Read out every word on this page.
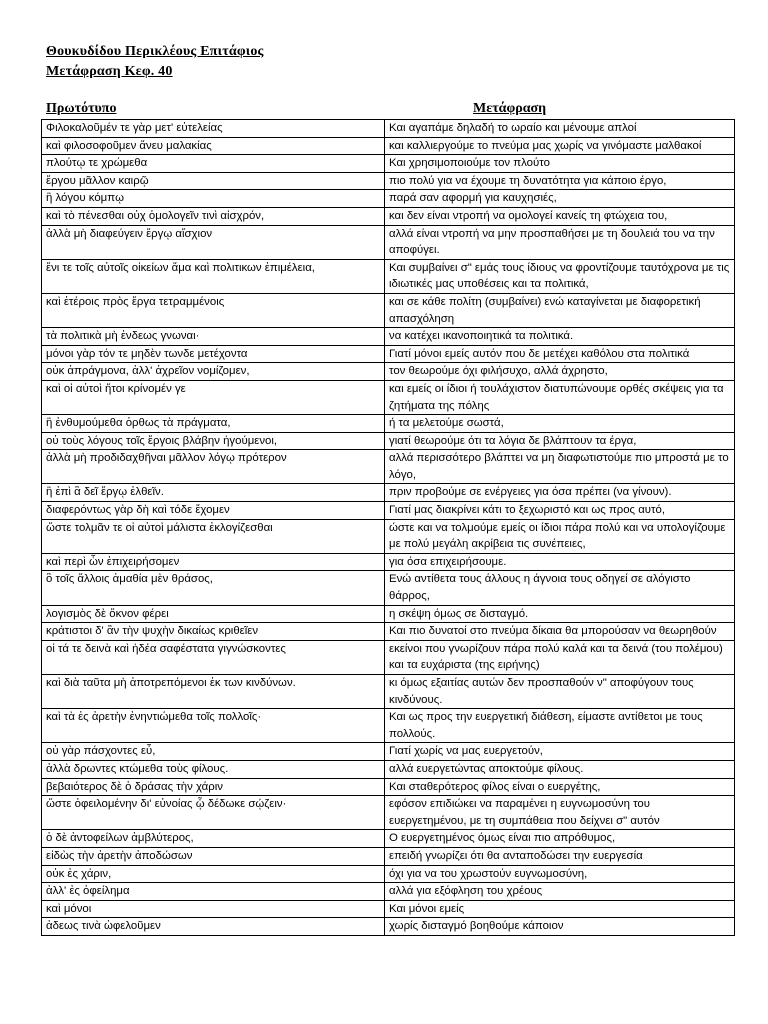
Θουκυδίδου Περικλέους Επιτάφιος
Μετάφραση Κεφ. 40
Πρωτότυπο	Μετάφραση
Φιλοκαλοῦμέν τε γὰρ μετ' εὐτελείας	Και αγαπάμε δηλαδή το ωραίο και μένουμε απλοί
καὶ φιλοσοφοῦμεν ἄνευ μαλακίας	και καλλιεργούμε το πνεύμα μας χωρίς να γινόμαστε μαλθακοί
πλούτῳ τε χρώμεθα	Και χρησιμοποιούμε τον πλούτο
ἔργου μᾶλλον καιρῷ	πιο πολύ για να έχουμε τη δυνατότητα για κάποιο έργο,
ἢ λόγου κόμπῳ	παρά σαν αφορμή για καυχησιές,
καὶ τὸ πένεσθαι οὐχ ὁμολογεῖν τινὶ αἰσχρόν,	και δεν είναι ντροπή να ομολογεί κανείς τη φτώχεια του,
ἀλλὰ μὴ διαφεύγειν ἔργῳ αἴσχιον	αλλά είναι ντροπή να μην προσπαθήσει με τη δουλειά του να την αποφύγει.
ἔνι τε τοῖς αὐτοῖς οἰκείων ἅμα καὶ πολιτικων ἐπιμέλεια,	Και συμβαίνει σ" εμάς τους ίδιους να φροντίζουμε ταυτόχρονα με τις ιδιωτικές μας υποθέσεις και τα πολιτικά,
καὶ ἑτέροις πρὸς ἔργα τετραμμένοις	και σε κάθε πολίτη (συμβαίνει) ενώ καταγίνεται με διαφορετική απασχόληση
τὰ πολιτικὰ μὴ ἐνδεως γνωναι·	να κατέχει ικανοποιητικά τα πολιτικά.
μόνοι γὰρ τόν τε μηδὲν τωνδε μετέχοντα	Γιατί μόνοι εμείς αυτόν που δε μετέχει καθόλου στα πολιτικά
οὐκ ἀπράγμονα, ἀλλ' ἀχρεῖον νομίζομεν,	τον θεωρούμε όχι φιλήσυχο, αλλά άχρηστο,
καὶ οἱ αὐτοὶ ἤτοι κρίνομέν γε	και εμείς οι ίδιοι ή τουλάχιστον διατυπώνουμε ορθές σκέψεις για τα ζητήματα της πόλης
ἢ ἐνθυμούμεθα ὀρθως τὰ πράγματα,	ή τα μελετούμε σωστά,
οὐ τοὺς λόγους τοῖς ἔργοις βλάβην ἡγούμενοι,	γιατί θεωρούμε ότι τα λόγια δε βλάπτουν τα έργα,
ἀλλὰ μὴ προδιδαχθῆναι μᾶλλον λόγῳ πρότερον	αλλά περισσότερο βλάπτει να μη διαφωτιστούμε πιο μπροστά με το λόγο,
ἢ ἐπὶ ἃ δεῖ ἔργῳ ἐλθεῖν.	πριν προβούμε σε ενέργειες για όσα πρέπει (να γίνουν).
διαφερόντως γὰρ δὴ καὶ τόδε ἔχομεν	Γιατί μας διακρίνει κάτι το ξεχωριστό και ως προς αυτό,
ὥστε τολμᾶν τε οἱ αὐτοὶ μάλιστα ἐκλογίζεσθαι	ώστε και να τολμούμε εμείς οι ίδιοι πάρα πολύ και να υπολογίζουμε με πολύ μεγάλη ακρίβεια τις συνέπειες,
καὶ περὶ ὧν ἐπιχειρήσομεν	για όσα επιχειρήσουμε.
ὃ τοῖς ἄλλοις ἀμαθία μὲν θράσος,	Ενώ αντίθετα τους άλλους η άγνοια τους οδηγεί σε αλόγιστο θάρρος,
λογισμὸς δὲ ὄκνον φέρει	η σκέψη όμως σε δισταγμό.
κράτιστοι δ' ἂν τὴν ψυχὴν δικαίως κριθεῖεν	Και πιο δυνατοί στο πνεύμα δίκαια θα μπορούσαν να θεωρηθούν
οἱ τά τε δεινὰ καὶ ἡδέα σαφέστατα γιγνώσκοντες	εκείνοι που γνωρίζουν πάρα πολύ καλά και τα δεινά (του πολέμου) και τα ευχάριστα (της ειρήνης)
καὶ διὰ ταῦτα μὴ ἀποτρεπόμενοι ἐκ των κινδύνων.	κι όμως εξαιτίας αυτών δεν προσπαθούν ν" αποφύγουν τους κινδύνους.
καὶ τὰ ἐς ἀρετὴν ἐνηντιώμεθα τοῖς πολλοῖς·	Και ως προς την ευεργετική διάθεση, είμαστε αντίθετοι με τους πολλούς.
οὐ γὰρ πάσχοντες εὖ,	Γιατί χωρίς να μας ευεργετούν,
ἀλλὰ δρωντες κτώμεθα τοὺς φίλους.	αλλά ευεργετώντας αποκτούμε φίλους.
βεβαιότερος δὲ ὁ δράσας τὴν χάριν	Και σταθερότερος φίλος είναι ο ευεργέτης,
ὥστε ὀφειλομένην δι' εὐνοίας ᾧ δέδωκε σῴζειν·	εφόσον επιδιώκει να παραμένει η ευγνωμοσύνη του ευεργετημένου, με τη συμπάθεια που δείχνει σ" αυτόν
ὁ δὲ ἀντοφείλων ἀμβλύτερος,	Ο ευεργετημένος όμως είναι πιο απρόθυμος,
εἰδὼς τὴν ἀρετὴν ἀποδώσων	επειδή γνωρίζει ότι θα ανταποδώσει την ευεργεσία
οὐκ ἐς χάριν,	όχι για να του χρωστούν ευγνωμοσύνη,
ἀλλ' ἐς ὀφείλημα	αλλά για εξόφληση του χρέους
καὶ μόνοι	Και μόνοι εμείς
ἀδεως τινὰ ὠφελοῦμεν	χωρίς δισταγμό βοηθούμε κάποιον
